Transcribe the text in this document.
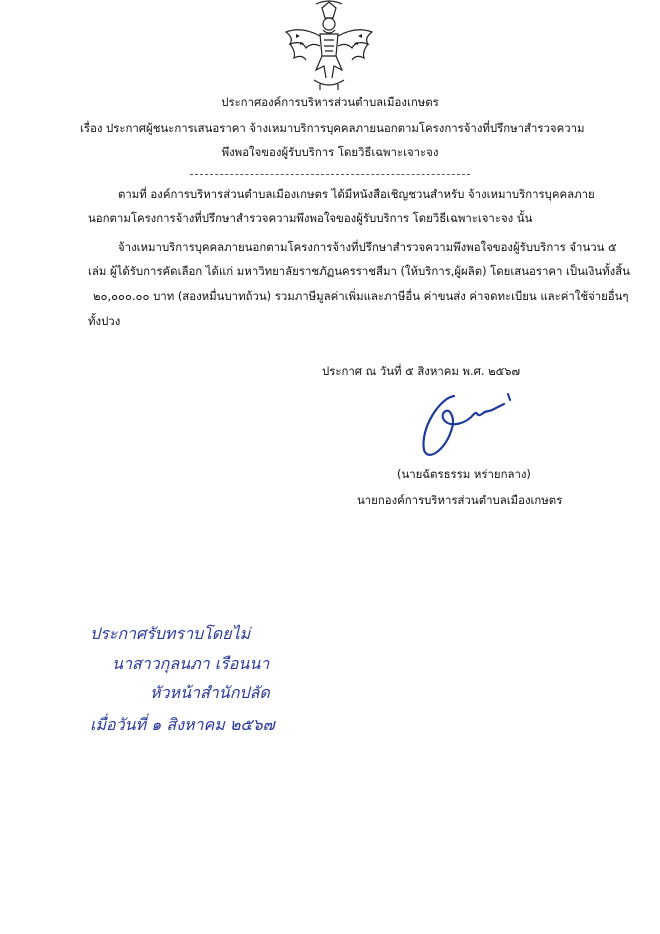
ประกาศองค์การบริหารส่วนตำบลเมืองเกษตร
เรื่อง ประกาศผู้ชนะการเสนอราคา จ้างเหมาบริการบุคคลภายนอกตามโครงการจ้างที่ปรึกษาสำรวจความ
พึงพอใจของผู้รับบริการ โดยวิธีเฉพาะเจาะจง
ตามที่ องค์การบริหารส่วนตำบลเมืองเกษตร ได้มีหนังสือเชิญชวนสำหรับ จ้างเหมาบริการบุคคลภาย
นอกตามโครงการจ้างที่ปรึกษาสำรวจความพึงพอใจของผู้รับบริการ โดยวิธีเฉพาะเจาะจง นั้น
จ้างเหมาบริการบุคคลภายนอกตามโครงการจ้างที่ปรึกษาสำรวจความพึงพอใจของผู้รับบริการ จำนวน ๕
เล่ม ผู้ได้รับการคัดเลือก ได้แก่ มหาวิทยาลัยราชภัฏนครราชสีมา (ให้บริการ,ผู้ผลิต) โดยเสนอราคา เป็นเงินทั้งสิ้น
๒๐,๐๐๐.๐๐ บาท (สองหมื่นบาทถ้วน) รวมภาษีมูลค่าเพิ่มและภาษีอื่น ค่าขนส่ง ค่าจดทะเบียน และค่าใช้จ่ายอื่นๆ
ทั้งปวง
ประกาศ ณ วันที่ ๕ สิงหาคม พ.ศ. ๒๕๖๗
(นายฉัตรธรรม หร่ายกลาง)
นายกองค์การบริหารส่วนตำบลเมืองเกษตร
ประกาศรับทราบโดยไม่
นาสาวกุลนภา เรือนนา
หัวหน้าสำนักปลัด
เมื่อวันที่ ๑ สิงหาคม ๒๕๖๗
